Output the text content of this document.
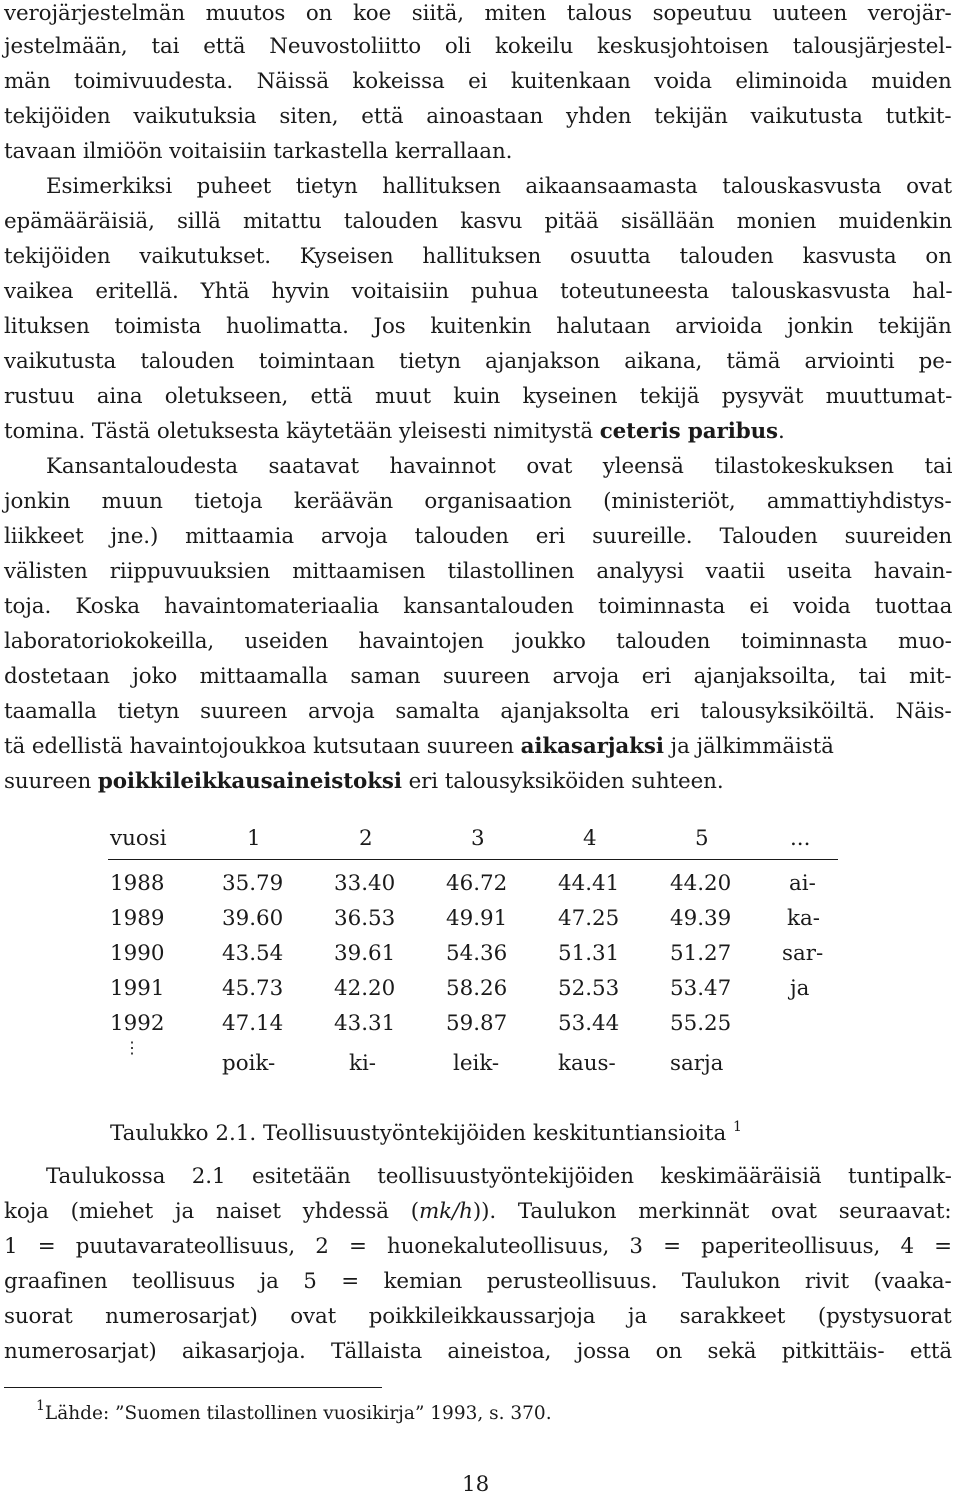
verojärjestelmän muutos on koe siitä, miten talous sopeutuu uuteen verojär-
jestelmään, tai että Neuvostoliitto oli kokeilu keskusjohtoisen talousjärjestel-
män toimivuudesta. Näissä kokeissa ei kuitenkaan voida eliminoida muiden
tekijöiden vaikutuksia siten, että ainoastaan yhden tekijän vaikutusta tutkit-
tavaan ilmiöön voitaisiin tarkastella kerrallaan.
Esimerkiksi puheet tietyn hallituksen aikaansaamasta talouskasvusta ovat
epämääräisiä, sillä mitattu talouden kasvu pitää sisällään monien muidenkin
tekijöiden vaikutukset. Kyseisen hallituksen osuutta talouden kasvusta on
vaikea eritellä. Yhtä hyvin voitaisiin puhua toteutuneesta talouskasvusta hal-
lituksen toimista huolimatta. Jos kuitenkin halutaan arvioida jonkin tekijän
vaikutusta talouden toimintaan tietyn ajanjakson aikana, tämä arviointi pe-
rustuu aina oletukseen, että muut kuin kyseinen tekijä pysyvät muuttumat-
tomina. Tästä oletuksesta käytetään yleisesti nimitystä ceteris paribus.
Kansantaloudesta saatavat havainnot ovat yleensä tilastokeskuksen tai
jonkin muun tietoja keräävän organisaation (ministeriöt, ammattiyhdistys-
liikkeet jne.) mittaamia arvoja talouden eri suureille. Talouden suureiden
välisten riippuvuuksien mittaamisen tilastollinen analyysi vaatii useita havain-
toja. Koska havaintomateriaalia kansantalouden toiminnasta ei voida tuottaa
laboratoriokokeilla, useiden havaintojen joukko talouden toiminnasta muo-
dostetaan joko mittaamalla saman suureen arvoja eri ajanjaksoilta, tai mit-
taamalla tietyn suureen arvoja samalta ajanjaksolta eri talousyksiköiltä. Näis-
tä edellistä havaintojoukkoa kutsutaan suureen aikasarjaksi ja jälkimmäistä
suureen poikkileikkausaineistoksi eri talousyksiköiden suhteen.
vuosi	1	2	3	4	5	...
1988	35.79 33.40 46.72 44.41 44.20	ai-
1989	39.60 36.53 49.91 47.25 49.39	ka-
1990	43.54 39.61 54.36 51.31 51.27 sar-
1991	45.73 42.20 58.26 52.53 53.47	ja
1992	47.14 43.31 59.87 53.44 55.25
⋮
poik-	ki-	leik-	kaus-	sarja
Taulukko 2.1. Teollisuustyöntekijöiden keskituntiansioita $^1$
Taulukossa 2.1 esitetään teollisuustyöntekijöiden keskimääräisiä tuntipalk-
koja (miehet ja naiset yhdessä (mk/h)). Taulukon merkinnät ovat seuraavat:
1 = puutavarateollisuus, 2 = huonekaluteollisuus, 3 = paperiteollisuus, 4 =
graafinen teollisuus ja 5 = kemian perusteollisuus. Taulukon rivit (vaaka-
suorat numerosarjat) ovat poikkileikkaussarjoja ja sarakkeet (pystysuorat
numerosarjat) aikasarjoja. Tällaista aineistoa, jossa on sekä pitkittäis- että
$^1$Lähde: ”Suomen tilastollinen vuosikirja” 1993, s. 370.
18
